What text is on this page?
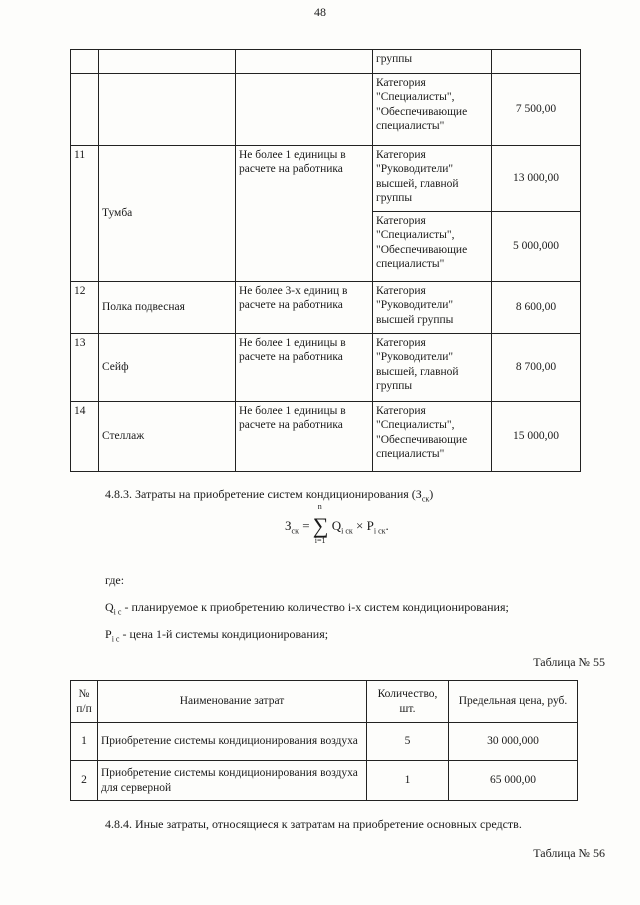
48
			группы	
			Категория "Специалисты", "Обеспечивающие специалисты"	7 500,00
11	Тумба	Не более 1 единицы в расчете на работника	Категория "Руководители" высшей, главной группы	13 000,00
			Категория "Специалисты", "Обеспечивающие специалисты"	5 000,000
12	Полка подвесная	Не более 3-х единиц в расчете на работника	Категория "Руководители" высшей группы	8 600,00
13	Сейф	Не более 1 единицы в расчете на работника	Категория "Руководители" высшей, главной группы	8 700,00
14	Стеллаж	Не более 1 единицы в расчете на работника	Категория "Специалисты", "Обеспечивающие специалисты"	15 000,00
4.8.3. Затраты на приобретение систем кондиционирования $(З_{ск})$
$З_{ск}$ =
n
∑
i=1
$Q_{i ск} \times P_{i ск}$.
где:
$Q_{i с}$ - планируемое к приобретению количество i-х систем кондиционирования;
$P_{i с}$ - цена 1-й системы кондиционирования;
Таблица № 55
№ п/п	Наименование затрат	Количество, шт.	Предельная цена, руб.
1	Приобретение системы кондиционирования воздуха	5	30 000,000
2	Приобретение системы кондиционирования воздуха для серверной	1	65 000,00
4.8.4. Иные затраты, относящиеся к затратам на приобретение основных средств.
Таблица № 56
